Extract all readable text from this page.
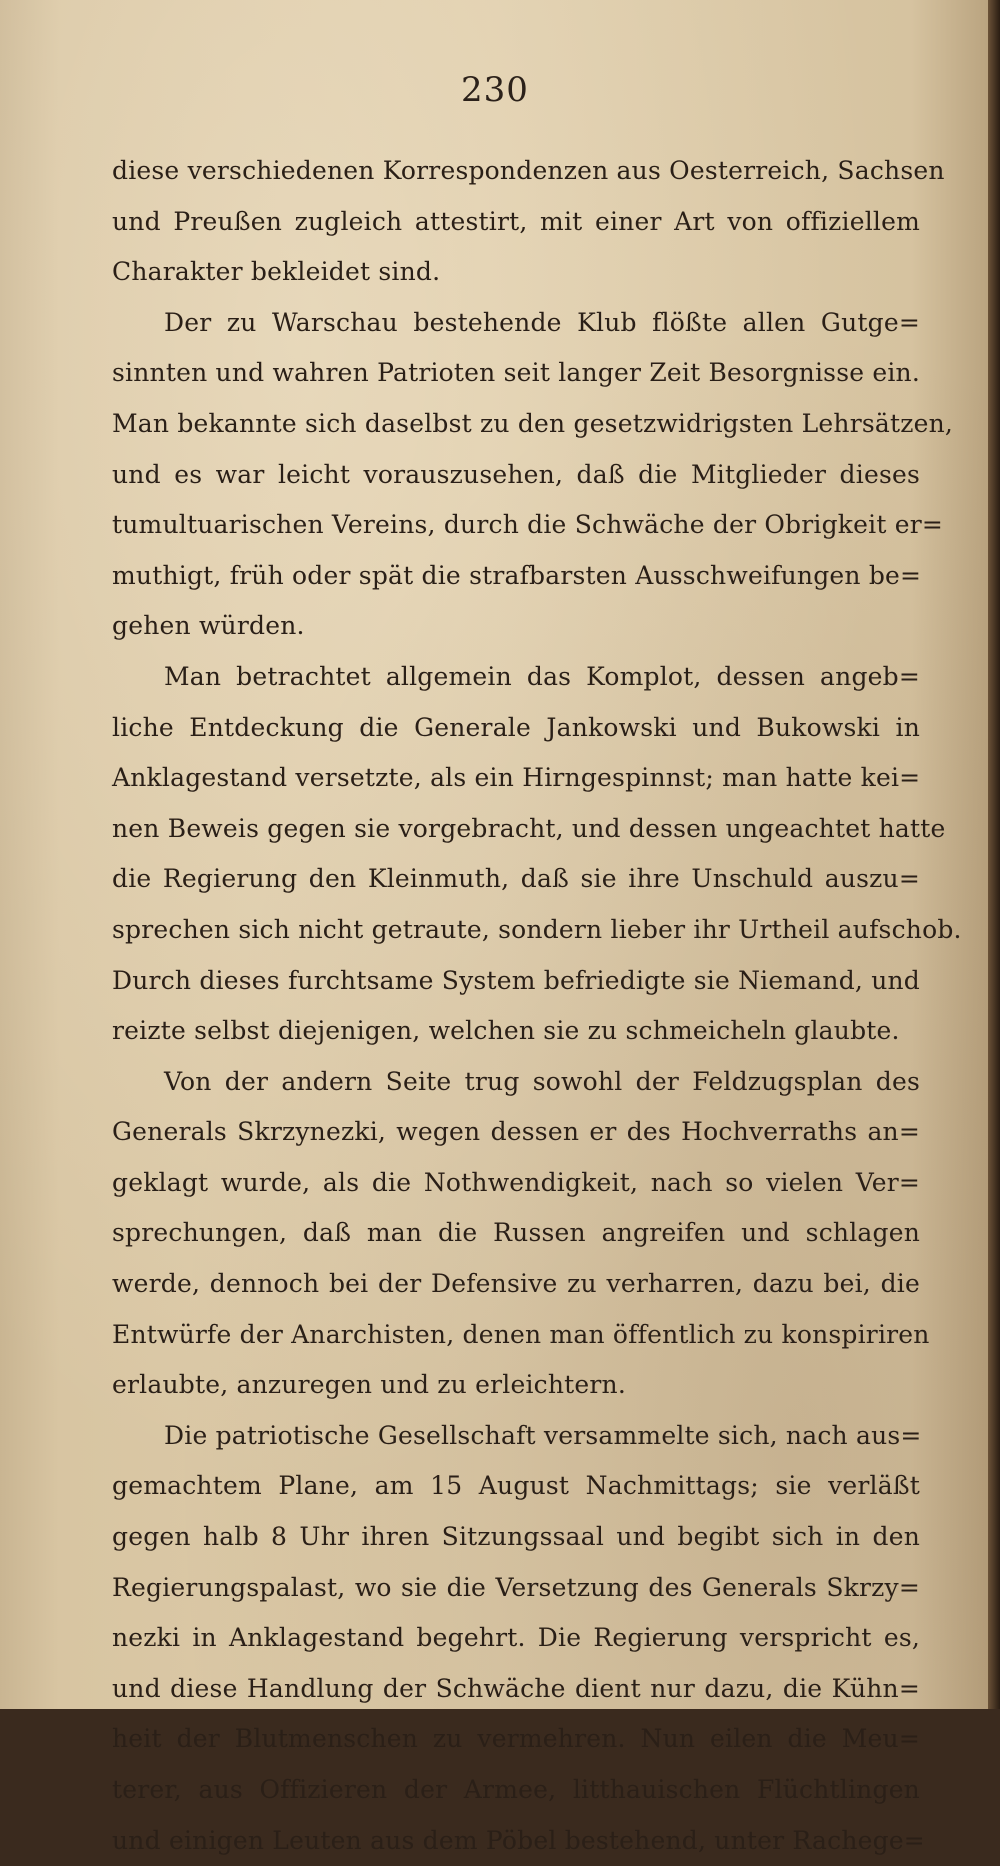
230
diese verschiedenen Korrespondenzen aus Oesterreich, Sachsen
und Preußen zugleich attestirt, mit einer Art von offiziellem
Charakter bekleidet sind.
Der zu Warschau bestehende Klub flößte allen Gutge=
sinnten und wahren Patrioten seit langer Zeit Besorgnisse ein.
Man bekannte sich daselbst zu den gesetzwidrigsten Lehrsätzen,
und es war leicht vorauszusehen, daß die Mitglieder dieses
tumultuarischen Vereins, durch die Schwäche der Obrigkeit er=
muthigt, früh oder spät die strafbarsten Ausschweifungen be=
gehen würden.
Man betrachtet allgemein das Komplot, dessen angeb=
liche Entdeckung die Generale Jankowski und Bukowski in
Anklagestand versetzte, als ein Hirngespinnst; man hatte kei=
nen Beweis gegen sie vorgebracht, und dessen ungeachtet hatte
die Regierung den Kleinmuth, daß sie ihre Unschuld auszu=
sprechen sich nicht getraute, sondern lieber ihr Urtheil aufschob.
Durch dieses furchtsame System befriedigte sie Niemand, und
reizte selbst diejenigen, welchen sie zu schmeicheln glaubte.
Von der andern Seite trug sowohl der Feldzugsplan des
Generals Skrzynezki, wegen dessen er des Hochverraths an=
geklagt wurde, als die Nothwendigkeit, nach so vielen Ver=
sprechungen, daß man die Russen angreifen und schlagen
werde, dennoch bei der Defensive zu verharren, dazu bei, die
Entwürfe der Anarchisten, denen man öffentlich zu konspiriren
erlaubte, anzuregen und zu erleichtern.
Die patriotische Gesellschaft versammelte sich, nach aus=
gemachtem Plane, am 15 August Nachmittags; sie verläßt
gegen halb 8 Uhr ihren Sitzungssaal und begibt sich in den
Regierungspalast, wo sie die Versetzung des Generals Skrzy=
nezki in Anklagestand begehrt. Die Regierung verspricht es,
und diese Handlung der Schwäche dient nur dazu, die Kühn=
heit der Blutmenschen zu vermehren. Nun eilen die Meu=
terer, aus Offizieren der Armee, litthauischen Flüchtlingen
und einigen Leuten aus dem Pöbel bestehend, unter Rachege=
